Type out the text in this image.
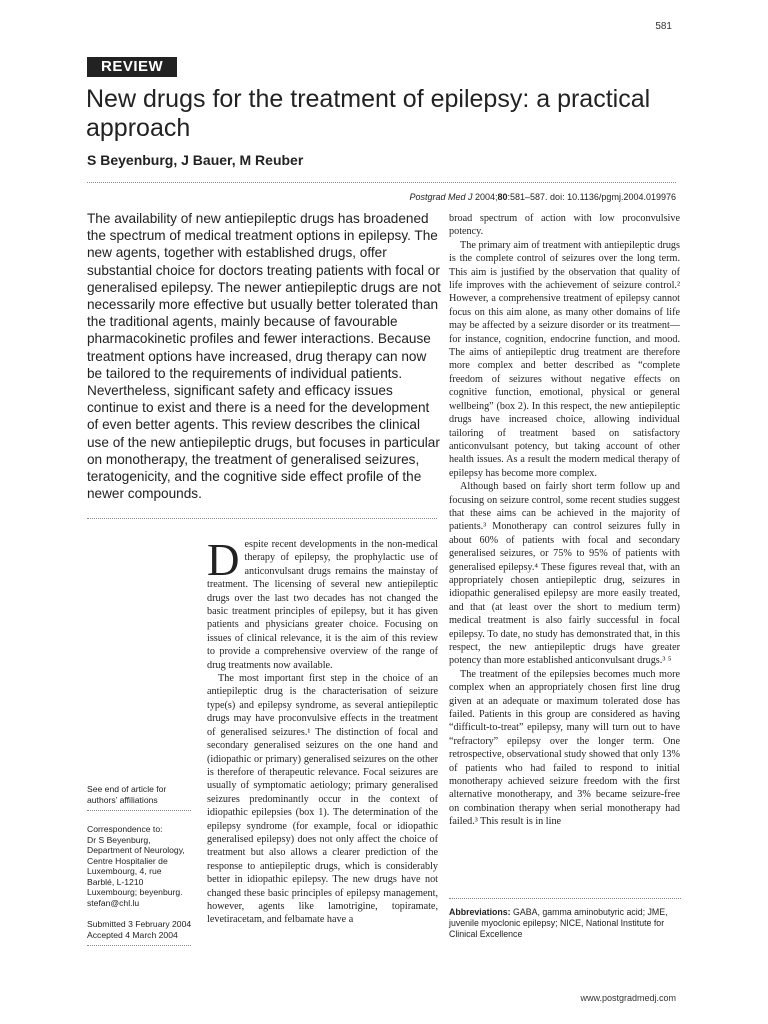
581
REVIEW
New drugs for the treatment of epilepsy: a practical approach
S Beyenburg, J Bauer, M Reuber
Postgrad Med J 2004;80:581–587. doi: 10.1136/pgmj.2004.019976
The availability of new antiepileptic drugs has broadened the spectrum of medical treatment options in epilepsy. The new agents, together with established drugs, offer substantial choice for doctors treating patients with focal or generalised epilepsy. The newer antiepileptic drugs are not necessarily more effective but usually better tolerated than the traditional agents, mainly because of favourable pharmacokinetic profiles and fewer interactions. Because treatment options have increased, drug therapy can now be tailored to the requirements of individual patients. Nevertheless, significant safety and efficacy issues continue to exist and there is a need for the development of even better agents. This review describes the clinical use of the new antiepileptic drugs, but focuses in particular on monotherapy, the treatment of generalised seizures, teratogenicity, and the cognitive side effect profile of the newer compounds.

Despite recent developments in the non-medical therapy of epilepsy, the prophylactic use of anticonvulsant drugs remains the mainstay of treatment. The licensing of several new antiepileptic drugs over the last two decades has not changed the basic treatment principles of epilepsy, but it has given patients and physicians greater choice. Focusing on issues of clinical relevance, it is the aim of this review to provide a comprehensive overview of the range of drug treatments now available.

The most important first step in the choice of an antiepileptic drug is the characterisation of seizure type(s) and epilepsy syndrome, as several antiepileptic drugs may have proconvulsive effects in the treatment of generalised seizures.¹ The distinction of focal and secondary generalised seizures on the one hand and (idiopathic or primary) generalised seizures on the other is therefore of therapeutic relevance. Focal seizures are usually of symptomatic aetiology; primary generalised seizures predominantly occur in the context of idiopathic epilepsies (box 1). The determination of the epilepsy syndrome (for example, focal or idiopathic generalised epilepsy) does not only affect the choice of treatment but also allows a clearer prediction of the response to antiepileptic drugs, which is considerably better in idiopathic epilepsy. The new drugs have not changed these basic principles of epilepsy management, however, agents like lamotrigine, topiramate, levetiracetam, and felbamate have a

broad spectrum of action with low proconvulsive potency.

The primary aim of treatment with antiepileptic drugs is the complete control of seizures over the long term. This aim is justified by the observation that quality of life improves with the achievement of seizure control.² However, a comprehensive treatment of epilepsy cannot focus on this aim alone, as many other domains of life may be affected by a seizure disorder or its treatment—for instance, cognition, endocrine function, and mood. The aims of antiepileptic drug treatment are therefore more complex and better described as “complete freedom of seizures without negative effects on cognitive function, emotional, physical or general wellbeing” (box 2). In this respect, the new antiepileptic drugs have increased choice, allowing individual tailoring of treatment based on satisfactory anticonvulsant potency, but taking account of other health issues. As a result the modern medical therapy of epilepsy has become more complex.

Although based on fairly short term follow up and focusing on seizure control, some recent studies suggest that these aims can be achieved in the majority of patients.³ Monotherapy can control seizures fully in about 60% of patients with focal and secondary generalised seizures, or 75% to 95% of patients with generalised epilepsy.⁴ These figures reveal that, with an appropriately chosen antiepileptic drug, seizures in idiopathic generalised epilepsy are more easily treated, and that (at least over the short to medium term) medical treatment is also fairly successful in focal epilepsy. To date, no study has demonstrated that, in this respect, the new antiepileptic drugs have greater potency than more established anticonvulsant drugs.³ ⁵

The treatment of the epilepsies becomes much more complex when an appropriately chosen first line drug given at an adequate or maximum tolerated dose has failed. Patients in this group are considered as having “difficult-to-treat” epilepsy, many will turn out to have “refractory” epilepsy over the longer term. One retrospective, observational study showed that only 13% of patients who had failed to respond to initial monotherapy achieved seizure freedom with the first alternative monotherapy, and 3% became seizure-free on combination therapy when serial monotherapy had failed.³ This result is in line

See end of article for authors’ affiliations
Correspondence to:
Dr S Beyenburg,
Department of Neurology,
Centre Hospitalier de
Luxembourg, 4, rue
Barblé, L-1210
Luxembourg; beyenburg.
stefan@chl.lu
Submitted 3 February 2004
Accepted 4 March 2004
Abbreviations: GABA, gamma aminobutyric acid; JME, juvenile myoclonic epilepsy; NICE, National Institute for Clinical Excellence
www.postgradmedj.com
